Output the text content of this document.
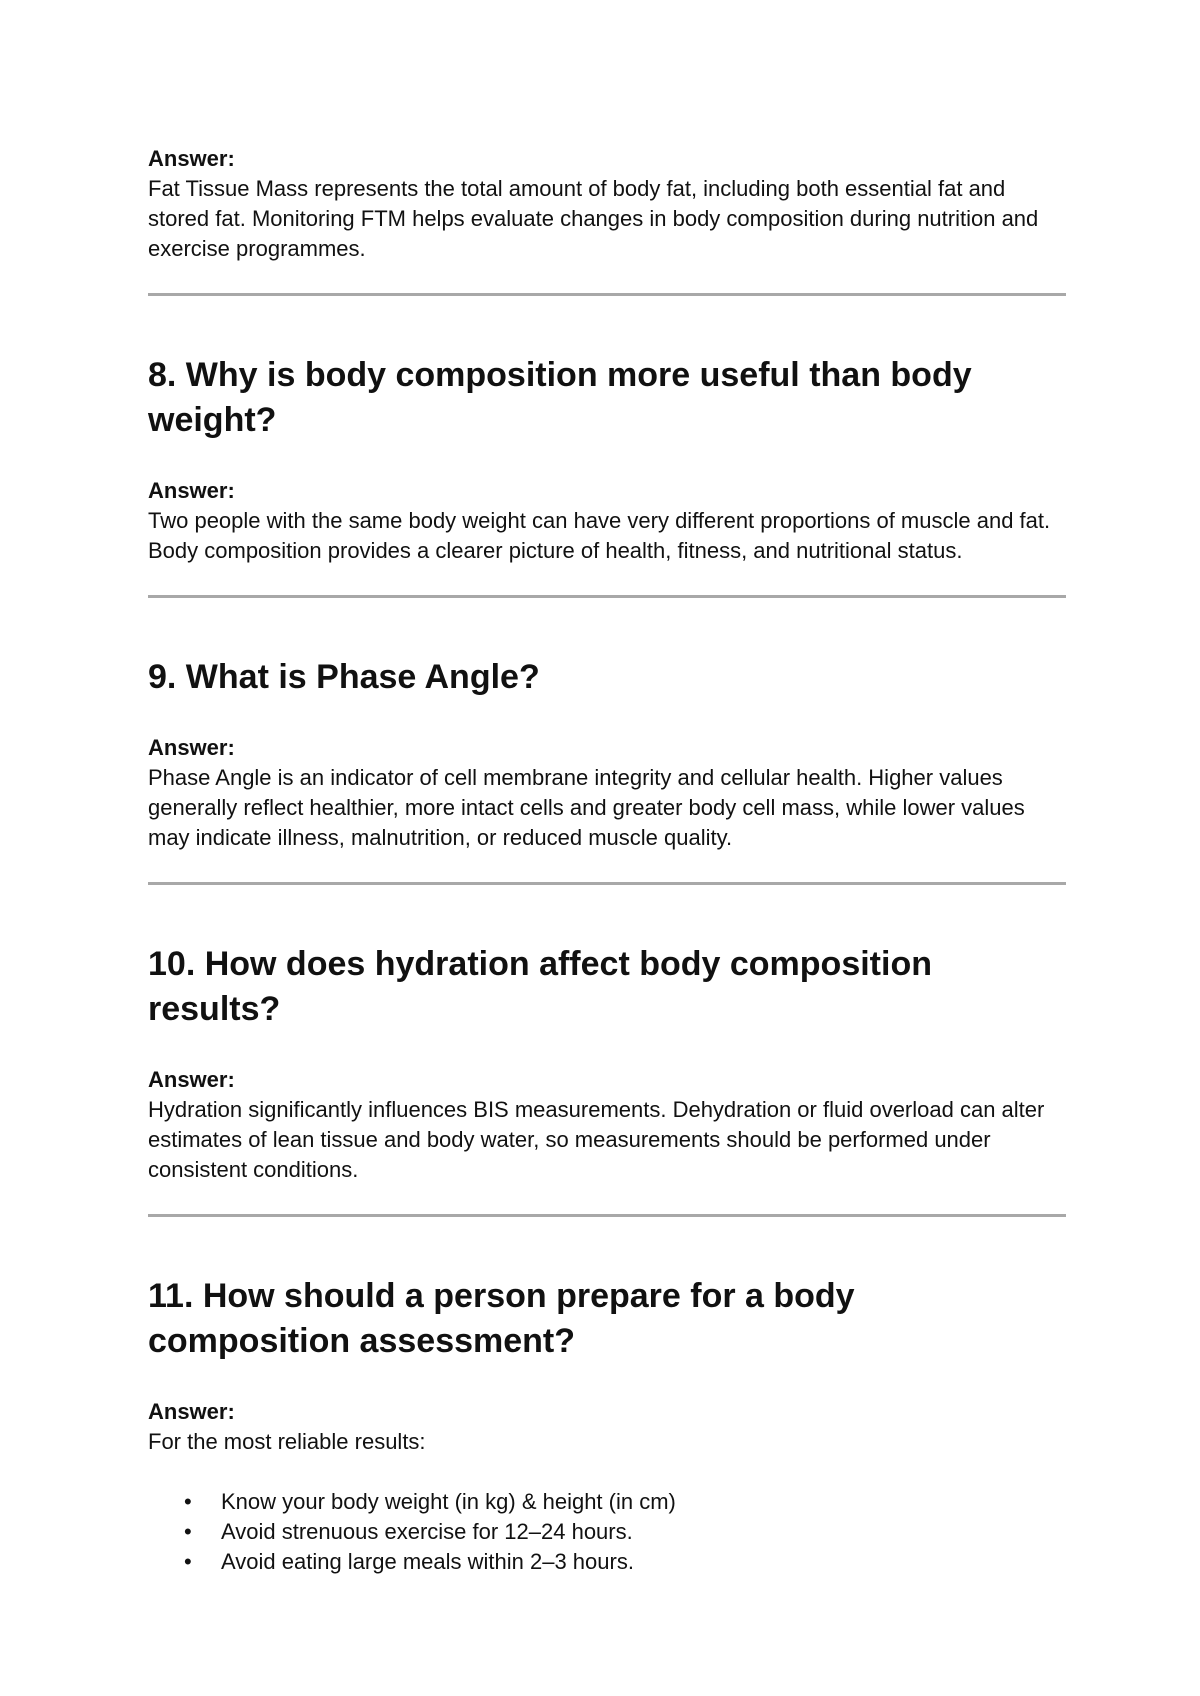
Answer:

Fat Tissue Mass represents the total amount of body fat, including both essential fat and stored fat. Monitoring FTM helps evaluate changes in body composition during nutrition and exercise programmes.

8. Why is body composition more useful than body weight?

Answer:

Two people with the same body weight can have very different proportions of muscle and fat. Body composition provides a clearer picture of health, fitness, and nutritional status.

9. What is Phase Angle?

Answer:

Phase Angle is an indicator of cell membrane integrity and cellular health. Higher values generally reflect healthier, more intact cells and greater body cell mass, while lower values may indicate illness, malnutrition, or reduced muscle quality.

10. How does hydration affect body composition results?

Answer:

Hydration significantly influences BIS measurements. Dehydration or fluid overload can alter estimates of lean tissue and body water, so measurements should be performed under consistent conditions.

11. How should a person prepare for a body composition assessment?

Answer:

For the most reliable results:

• Know your body weight (in kg) & height (in cm)
• Avoid strenuous exercise for 12–24 hours.
• Avoid eating large meals within 2–3 hours.
